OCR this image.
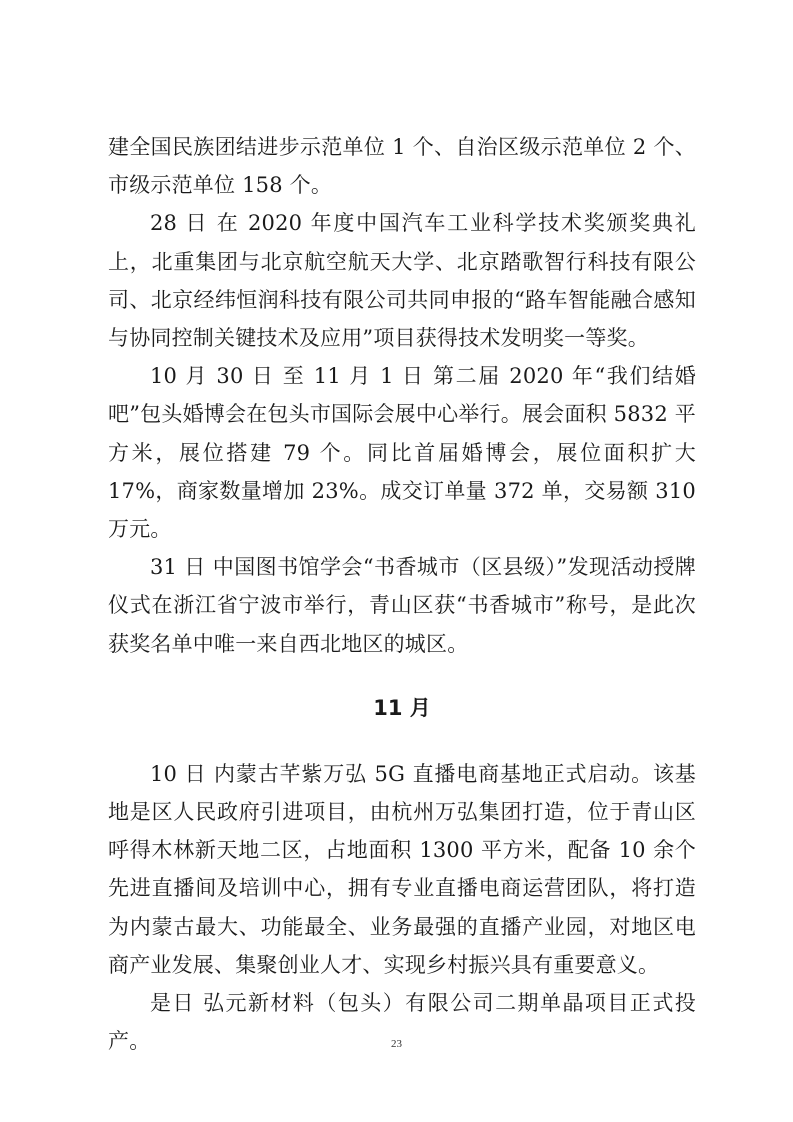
建全国民族团结进步示范单位 1 个、自治区级示范单位 2 个、市级示范单位 158 个。

28 日 在 2020 年度中国汽车工业科学技术奖颁奖典礼上，北重集团与北京航空航天大学、北京踏歌智行科技有限公司、北京经纬恒润科技有限公司共同申报的“路车智能融合感知与协同控制关键技术及应用”项目获得技术发明奖一等奖。

10 月 30 日 至 11 月 1 日 第二届 2020 年“我们结婚吧”包头婚博会在包头市国际会展中心举行。展会面积 5832 平方米，展位搭建 79 个。同比首届婚博会，展位面积扩大 17%，商家数量增加 23%。成交订单量 372 单，交易额 310 万元。

31 日 中国图书馆学会“书香城市（区县级）”发现活动授牌仪式在浙江省宁波市举行，青山区获“书香城市”称号，是此次获奖名单中唯一来自西北地区的城区。

11 月

10 日 内蒙古芊紫万弘 5G 直播电商基地正式启动。该基地是区人民政府引进项目，由杭州万弘集团打造，位于青山区呼得木林新天地二区，占地面积 1300 平方米，配备 10 余个先进直播间及培训中心，拥有专业直播电商运营团队，将打造为内蒙古最大、功能最全、业务最强的直播产业园，对地区电商产业发展、集聚创业人才、实现乡村振兴具有重要意义。

是日 弘元新材料（包头）有限公司二期单晶项目正式投产。	23
